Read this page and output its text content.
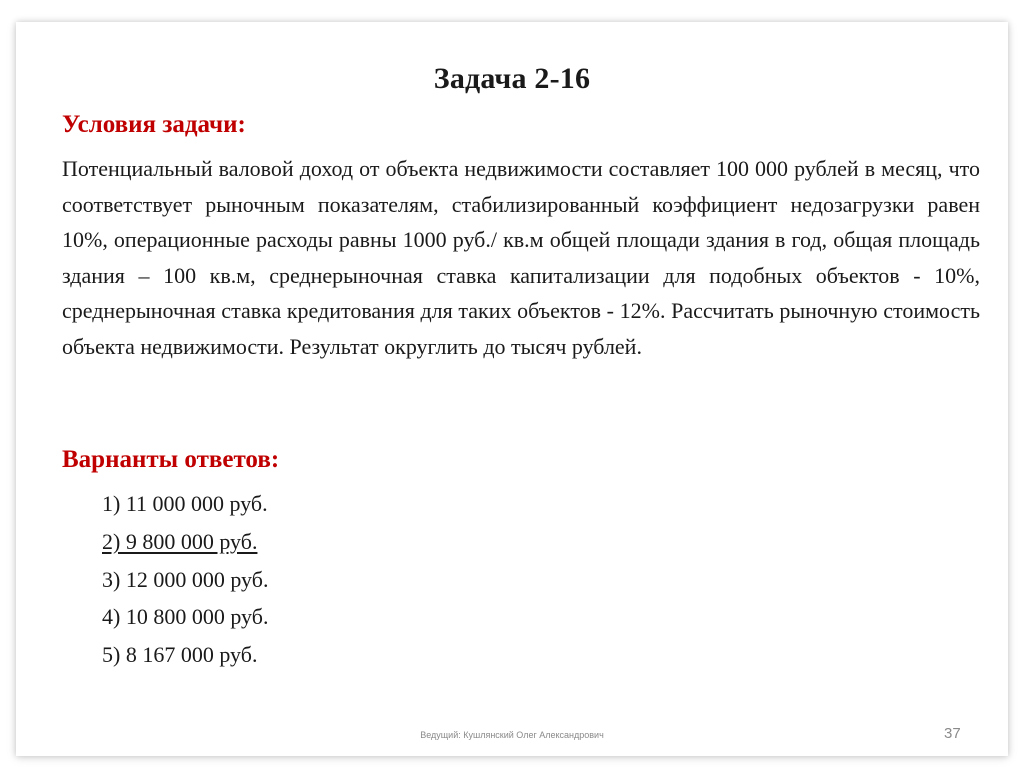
Задача 2-16
Условия задачи:
Потенциальный валовой доход от объекта недвижимости составляет 100 000 рублей в месяц, что соответствует рыночным показателям, стабилизированный коэффициент недозагрузки равен 10%, операционные расходы равны 1000 руб./ кв.м общей площади здания в год, общая площадь здания – 100 кв.м, среднерыночная ставка капитализации для подобных объектов - 10%, среднерыночная ставка кредитования для таких объектов - 12%. Рассчитать рыночную стоимость объекта недвижимости. Результат округлить до тысяч рублей.
Варнанты ответов:
1) 11 000 000 руб.
2) 9 800 000 руб.
3) 12 000 000 руб.
4) 10 800 000 руб.
5) 8 167 000 руб.
Ведущий: Кушлянский Олег Александрович	37
